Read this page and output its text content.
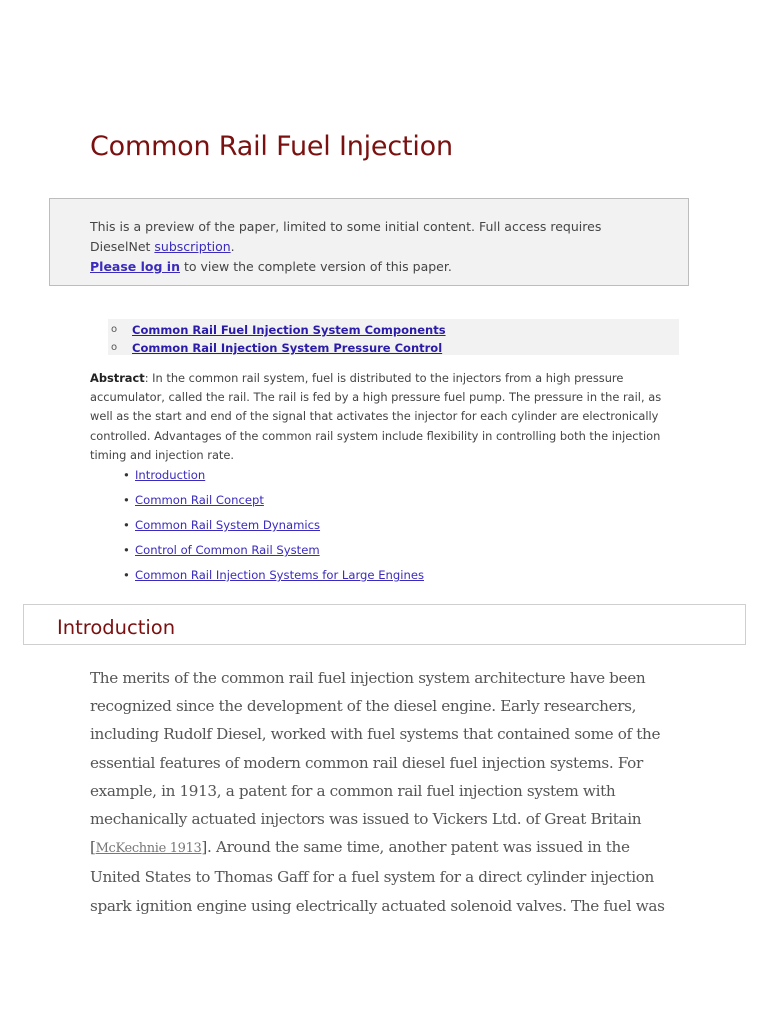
Common Rail Fuel Injection
This is a preview of the paper, limited to some initial content. Full access requires
DieselNet subscription.
Please log in to view the complete version of this paper.
o Common Rail Fuel Injection System Components
o Common Rail Injection System Pressure Control

Abstract: In the common rail system, fuel is distributed to the injectors from a high pressure accumulator, called the rail. The rail is fed by a high pressure fuel pump. The pressure in the rail, as well as the start and end of the signal that activates the injector for each cylinder are electronically controlled. Advantages of the common rail system include flexibility in controlling both the injection timing and injection rate.

• Introduction
• Common Rail Concept
• Common Rail System Dynamics
• Control of Common Rail System
• Common Rail Injection Systems for Large Engines
Introduction

The merits of the common rail fuel injection system architecture have been recognized since the development of the diesel engine. Early researchers, including Rudolf Diesel, worked with fuel systems that contained some of the essential features of modern common rail diesel fuel injection systems. For example, in 1913, a patent for a common rail fuel injection system with mechanically actuated injectors was issued to Vickers Ltd. of Great Britain [McKechnie 1913]. Around the same time, another patent was issued in the United States to Thomas Gaff for a fuel system for a direct cylinder injection spark ignition engine using electrically actuated solenoid valves. The fuel was
